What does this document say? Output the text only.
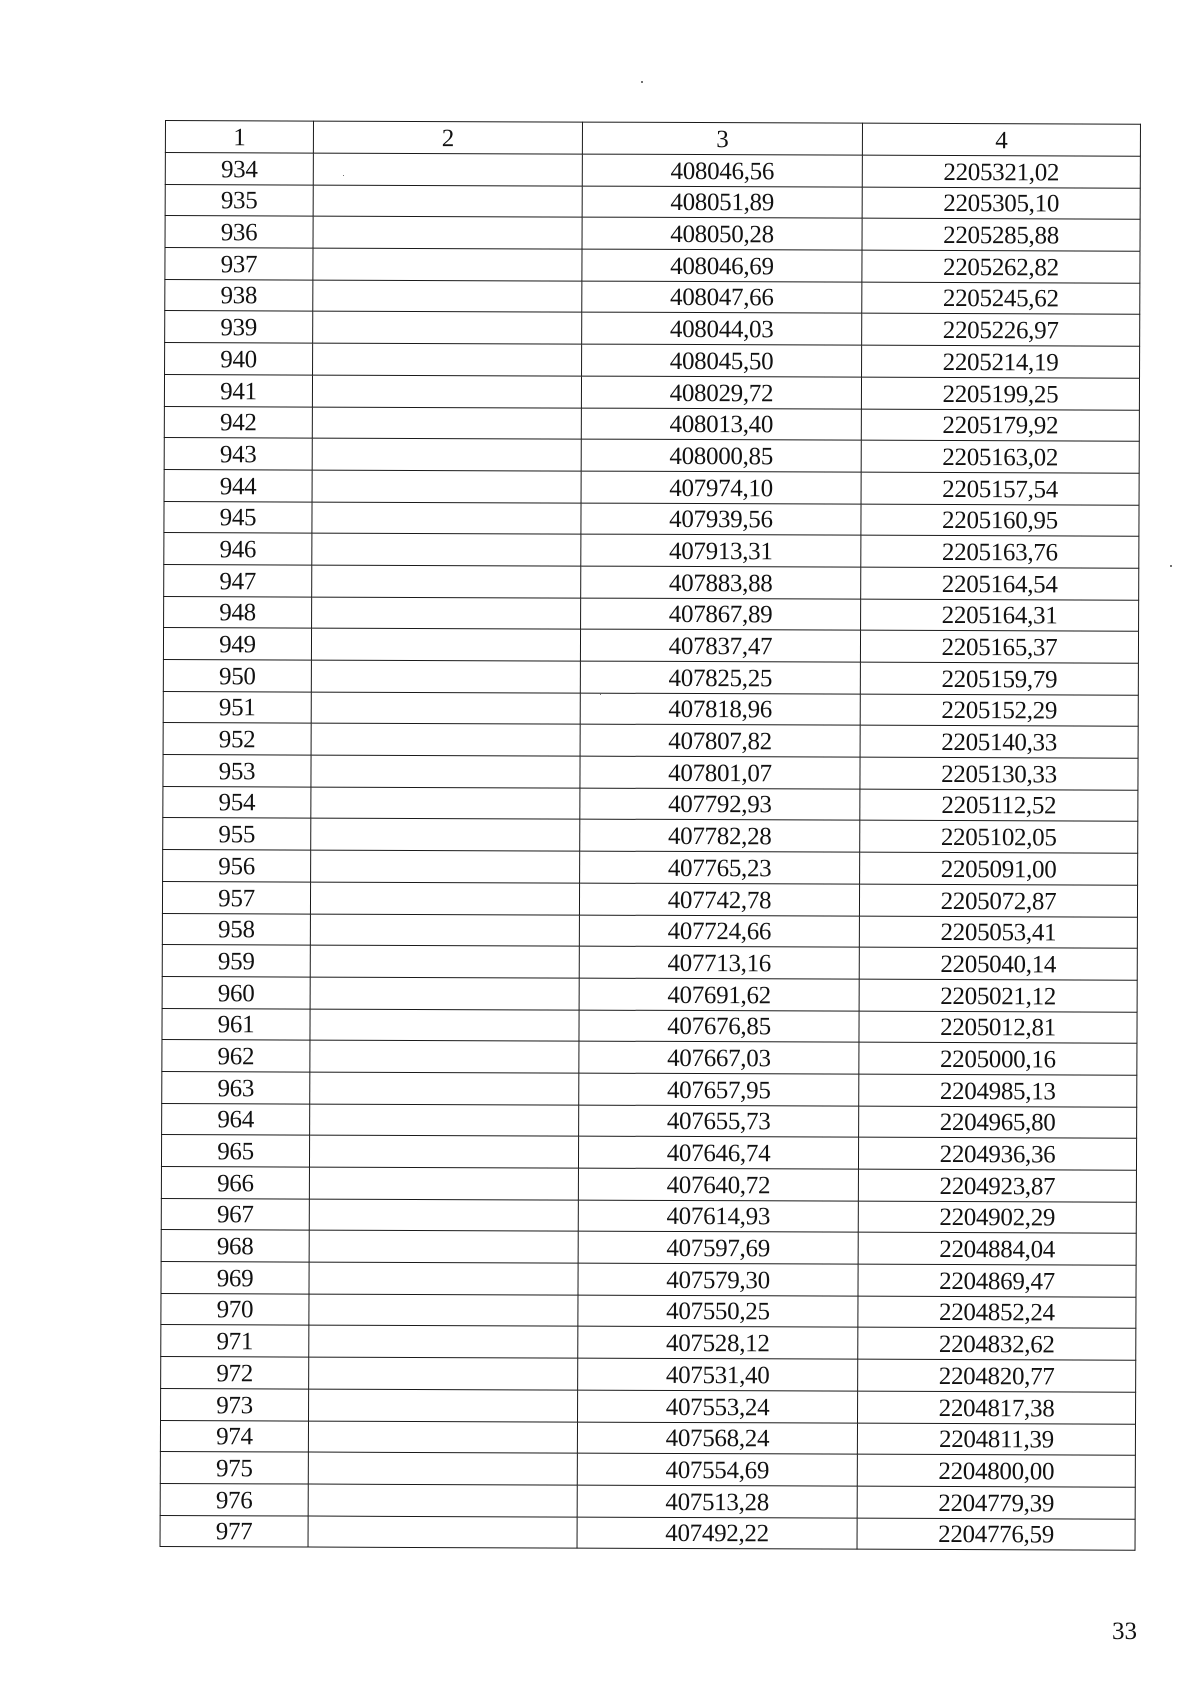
1	2	3	4
934		408046,56	2205321,02
935		408051,89	2205305,10
936		408050,28	2205285,88
937		408046,69	2205262,82
938		408047,66	2205245,62
939		408044,03	2205226,97
940		408045,50	2205214,19
941		408029,72	2205199,25
942		408013,40	2205179,92
943		408000,85	2205163,02
944		407974,10	2205157,54
945		407939,56	2205160,95
946		407913,31	2205163,76
947		407883,88	2205164,54
948		407867,89	2205164,31
949		407837,47	2205165,37
950		407825,25	2205159,79
951		407818,96	2205152,29
952		407807,82	2205140,33
953		407801,07	2205130,33
954		407792,93	2205112,52
955		407782,28	2205102,05
956		407765,23	2205091,00
957		407742,78	2205072,87
958		407724,66	2205053,41
959		407713,16	2205040,14
960		407691,62	2205021,12
961		407676,85	2205012,81
962		407667,03	2205000,16
963		407657,95	2204985,13
964		407655,73	2204965,80
965		407646,74	2204936,36
966		407640,72	2204923,87
967		407614,93	2204902,29
968		407597,69	2204884,04
969		407579,30	2204869,47
970		407550,25	2204852,24
971		407528,12	2204832,62
972		407531,40	2204820,77
973		407553,24	2204817,38
974		407568,24	2204811,39
975		407554,69	2204800,00
976		407513,28	2204779,39
977		407492,22	2204776,59
33
